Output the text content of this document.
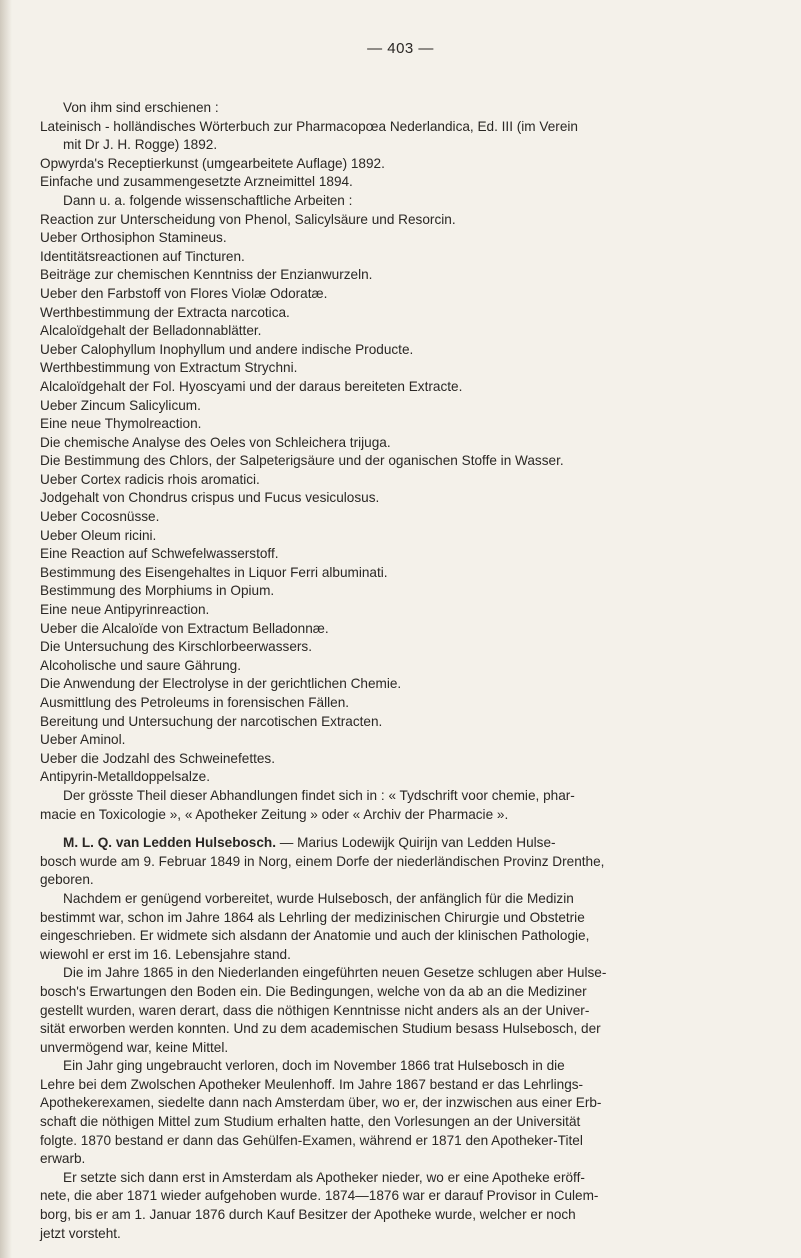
— 403 —
Von ihm sind erschienen :
Lateinisch - holländisches Wörterbuch zur Pharmacopœa Nederlandica, Ed. III (im Verein
mit Dr J. H. Rogge) 1892.
Opwyrda's Receptierkunst (umgearbeitete Auflage) 1892.
Einfache und zusammengesetzte Arzneimittel 1894.
Dann u. a. folgende wissenschaftliche Arbeiten :
Reaction zur Unterscheidung von Phenol, Salicylsäure und Resorcin.
Ueber Orthosiphon Stamineus.
Identitätsreactionen auf Tincturen.
Beiträge zur chemischen Kenntniss der Enzianwurzeln.
Ueber den Farbstoff von Flores Violæ Odoratæ.
Werthbestimmung der Extracta narcotica.
Alcaloïdgehalt der Belladonnablätter.
Ueber Calophyllum Inophyllum und andere indische Producte.
Werthbestimmung von Extractum Strychni.
Alcaloïdgehalt der Fol. Hyoscyami und der daraus bereiteten Extracte.
Ueber Zincum Salicylicum.
Eine neue Thymolreaction.
Die chemische Analyse des Oeles von Schleichera trijuga.
Die Bestimmung des Chlors, der Salpeterigsäure und der oganischen Stoffe in Wasser.
Ueber Cortex radicis rhois aromatici.
Jodgehalt von Chondrus crispus und Fucus vesiculosus.
Ueber Cocosnüsse.
Ueber Oleum ricini.
Eine Reaction auf Schwefelwasserstoff.
Bestimmung des Eisengehaltes in Liquor Ferri albuminati.
Bestimmung des Morphiums in Opium.
Eine neue Antipyrinreaction.
Ueber die Alcaloïde von Extractum Belladonnæ.
Die Untersuchung des Kirschlorbeerwassers.
Alcoholische und saure Gährung.
Die Anwendung der Electrolyse in der gerichtlichen Chemie.
Ausmittlung des Petroleums in forensischen Fällen.
Bereitung und Untersuchung der narcotischen Extracten.
Ueber Aminol.
Ueber die Jodzahl des Schweinefettes.
Antipyrin-Metalldoppelsalze.
Der grösste Theil dieser Abhandlungen findet sich in : « Tydschrift voor chemie, phar-
macie en Toxicologie », « Apotheker Zeitung » oder « Archiv der Pharmacie ».
M. L. Q. van Ledden Hulsebosch. — Marius Lodewijk Quirijn van Ledden Hulse-
bosch wurde am 9. Februar 1849 in Norg, einem Dorfe der niederländischen Provinz Drenthe,
geboren.
Nachdem er genügend vorbereitet, wurde Hulsebosch, der anfänglich für die Medizin
bestimmt war, schon im Jahre 1864 als Lehrling der medizinischen Chirurgie und Obstetrie
eingeschrieben. Er widmete sich alsdann der Anatomie und auch der klinischen Pathologie,
wiewohl er erst im 16. Lebensjahre stand.
Die im Jahre 1865 in den Niederlanden eingeführten neuen Gesetze schlugen aber Hulse-
bosch's Erwartungen den Boden ein. Die Bedingungen, welche von da ab an die Mediziner
gestellt wurden, waren derart, dass die nöthigen Kenntnisse nicht anders als an der Univer-
sität erworben werden konnten. Und zu dem academischen Studium besass Hulsebosch, der
unvermögend war, keine Mittel.
Ein Jahr ging ungebraucht verloren, doch im November 1866 trat Hulsebosch in die
Lehre bei dem Zwolschen Apotheker Meulenhoff. Im Jahre 1867 bestand er das Lehrlings-
Apothekerexamen, siedelte dann nach Amsterdam über, wo er, der inzwischen aus einer Erb-
schaft die nöthigen Mittel zum Studium erhalten hatte, den Vorlesungen an der Universität
folgte. 1870 bestand er dann das Gehülfen-Examen, während er 1871 den Apotheker-Titel
erwarb.
Er setzte sich dann erst in Amsterdam als Apotheker nieder, wo er eine Apotheke eröff-
nete, die aber 1871 wieder aufgehoben wurde. 1874—1876 war er darauf Provisor in Culem-
borg, bis er am 1. Januar 1876 durch Kauf Besitzer der Apotheke wurde, welcher er noch
jetzt vorsteht.
